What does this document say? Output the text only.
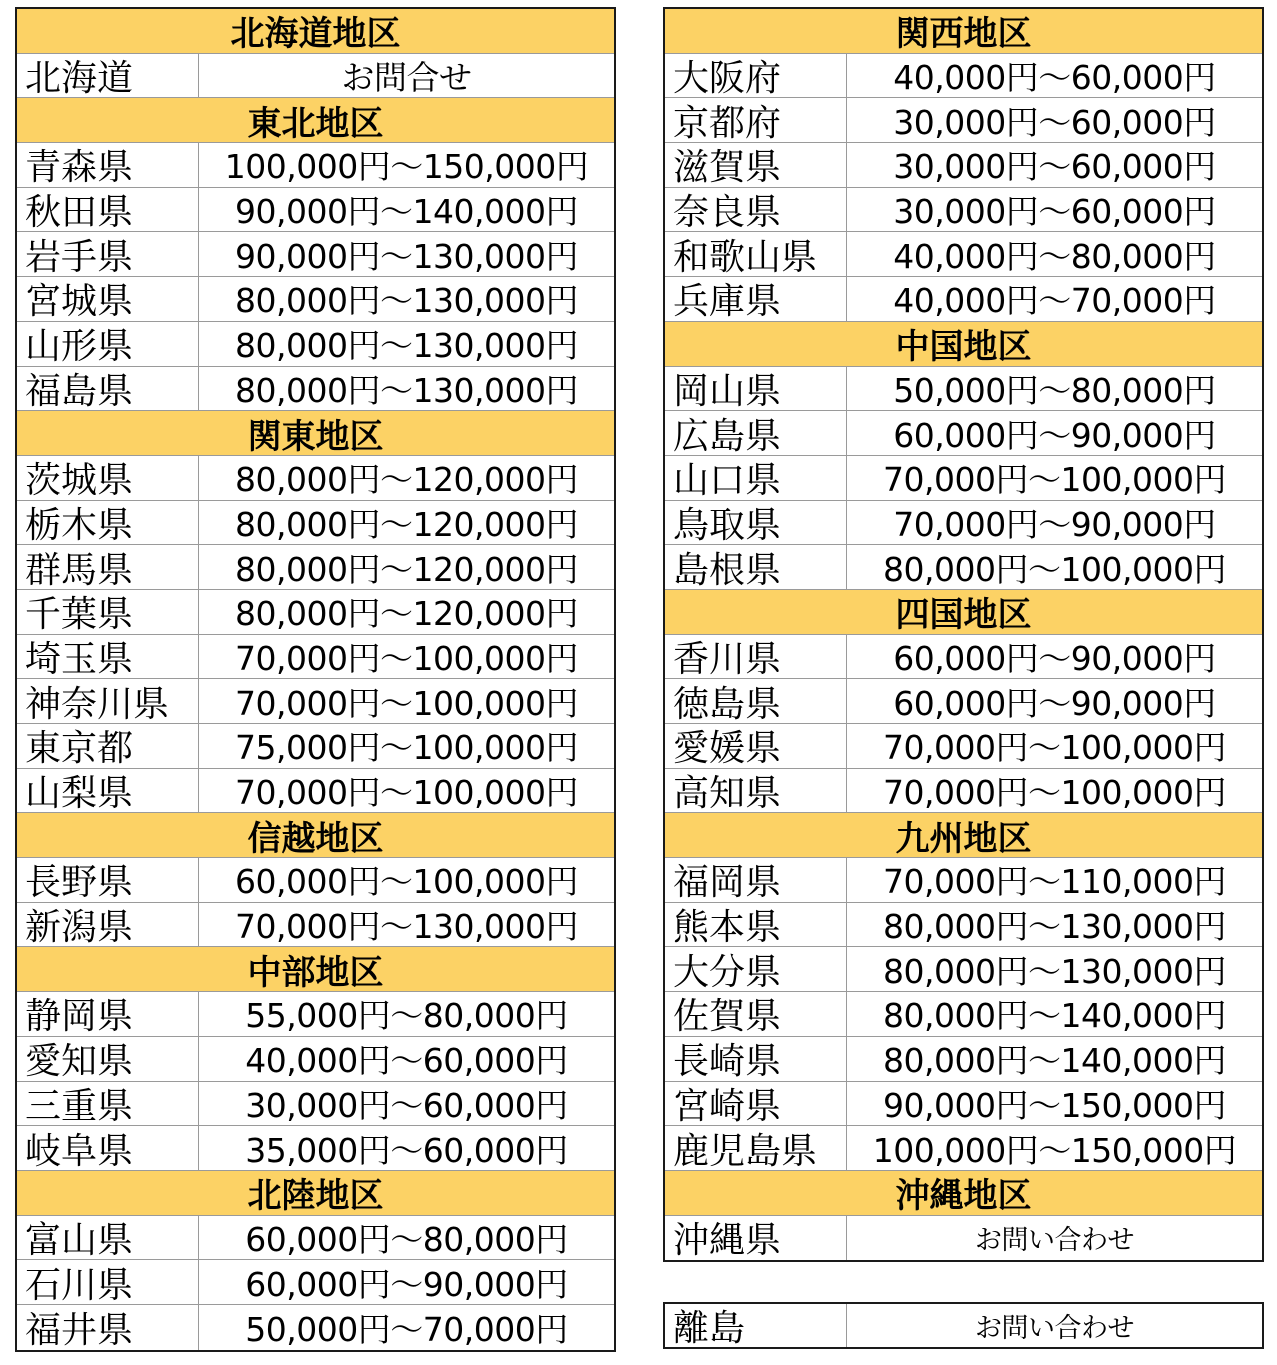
北海道地区
北海道	お問合せ
東北地区
青森県	100,000円～150,000円
秋田県	90,000円～140,000円
岩手県	90,000円～130,000円
宮城県	80,000円～130,000円
山形県	80,000円～130,000円
福島県	80,000円～130,000円
関東地区
茨城県	80,000円～120,000円
栃木県	80,000円～120,000円
群馬県	80,000円～120,000円
千葉県	80,000円～120,000円
埼玉県	70,000円～100,000円
神奈川県	70,000円～100,000円
東京都	75,000円～100,000円
山梨県	70,000円～100,000円
信越地区
長野県	60,000円～100,000円
新潟県	70,000円～130,000円
中部地区
静岡県	55,000円～80,000円
愛知県	40,000円～60,000円
三重県	30,000円～60,000円
岐阜県	35,000円～60,000円
北陸地区
富山県	60,000円～80,000円
石川県	60,000円～90,000円
福井県	50,000円～70,000円
関西地区
大阪府	40,000円～60,000円
京都府	30,000円～60,000円
滋賀県	30,000円～60,000円
奈良県	30,000円～60,000円
和歌山県	40,000円～80,000円
兵庫県	40,000円～70,000円
中国地区
岡山県	50,000円～80,000円
広島県	60,000円～90,000円
山口県	70,000円～100,000円
鳥取県	70,000円～90,000円
島根県	80,000円～100,000円
四国地区
香川県	60,000円～90,000円
徳島県	60,000円～90,000円
愛媛県	70,000円～100,000円
高知県	70,000円～100,000円
九州地区
福岡県	70,000円～110,000円
熊本県	80,000円～130,000円
大分県	80,000円～130,000円
佐賀県	80,000円～140,000円
長崎県	80,000円～140,000円
宮崎県	90,000円～150,000円
鹿児島県	100,000円～150,000円
沖縄地区
沖縄県	お問い合わせ
離島	お問い合わせ
